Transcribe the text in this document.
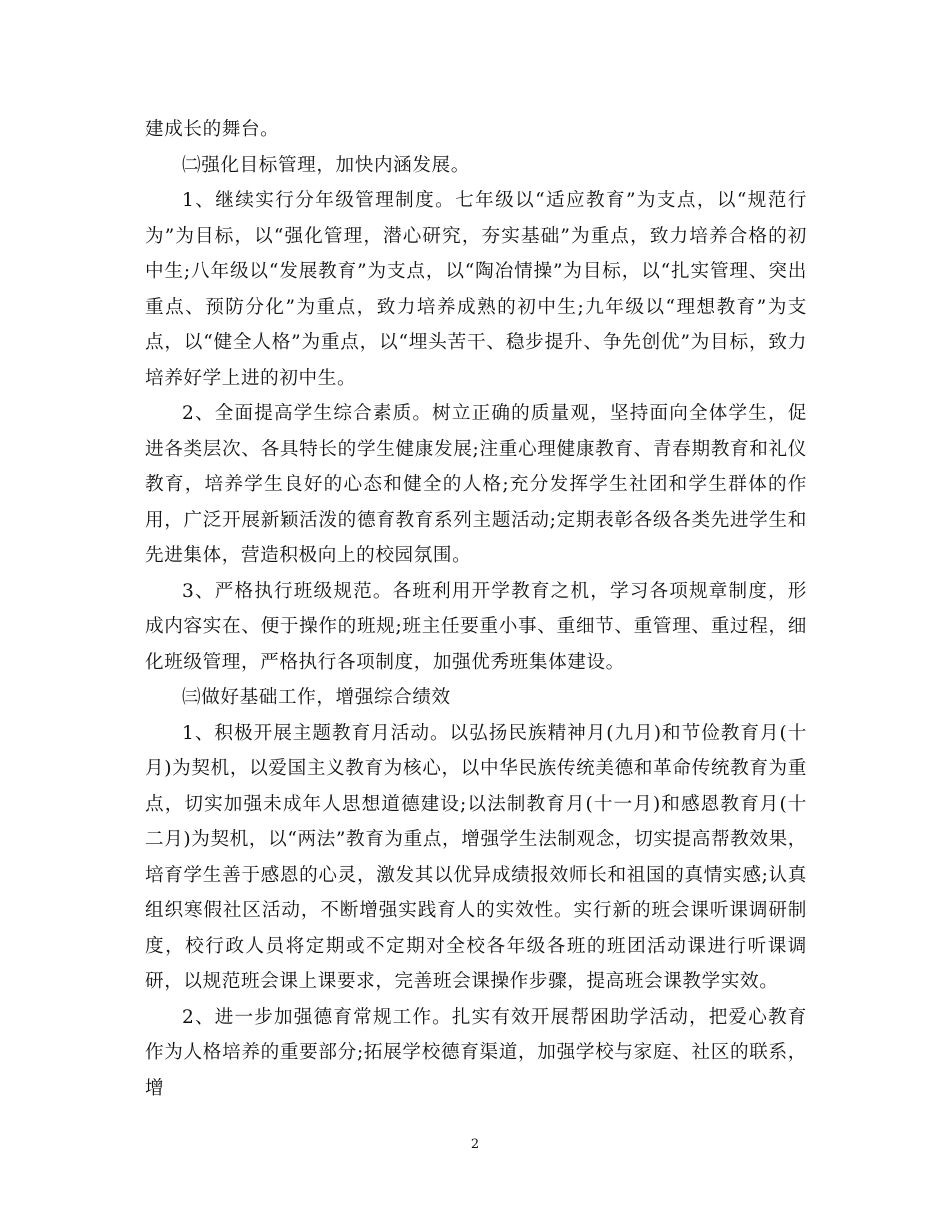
建成长的舞台。

㈡强化目标管理，加快内涵发展。

1、继续实行分年级管理制度。七年级以“适应教育”为支点，以“规范行为”为目标，以“强化管理，潜心研究，夯实基础”为重点，致力培养合格的初中生;八年级以“发展教育”为支点，以“陶冶情操”为目标，以“扎实管理、突出重点、预防分化”为重点，致力培养成熟的初中生;九年级以“理想教育”为支点，以“健全人格”为重点，以“埋头苦干、稳步提升、争先创优”为目标，致力培养好学上进的初中生。

2、全面提高学生综合素质。树立正确的质量观，坚持面向全体学生，促进各类层次、各具特长的学生健康发展;注重心理健康教育、青春期教育和礼仪教育，培养学生良好的心态和健全的人格;充分发挥学生社团和学生群体的作用，广泛开展新颖活泼的德育教育系列主题活动;定期表彰各级各类先进学生和先进集体，营造积极向上的校园氛围。

3、严格执行班级规范。各班利用开学教育之机，学习各项规章制度，形成内容实在、便于操作的班规;班主任要重小事、重细节、重管理、重过程，细化班级管理，严格执行各项制度，加强优秀班集体建设。

㈢做好基础工作，增强综合绩效

1、积极开展主题教育月活动。以弘扬民族精神月(九月)和节俭教育月(十月)为契机，以爱国主义教育为核心，以中华民族传统美德和革命传统教育为重点，切实加强未成年人思想道德建设;以法制教育月(十一月)和感恩教育月(十二月)为契机，以“两法”教育为重点，增强学生法制观念，切实提高帮教效果，培育学生善于感恩的心灵，激发其以优异成绩报效师长和祖国的真情实感;认真组织寒假社区活动，不断增强实践育人的实效性。实行新的班会课听课调研制度，校行政人员将定期或不定期对全校各年级各班的班团活动课进行听课调研，以规范班会课上课要求，完善班会课操作步骤，提高班会课教学实效。

2、进一步加强德育常规工作。扎实有效开展帮困助学活动，把爱心教育作为人格培养的重要部分;拓展学校德育渠道，加强学校与家庭、社区的联系，增

2
